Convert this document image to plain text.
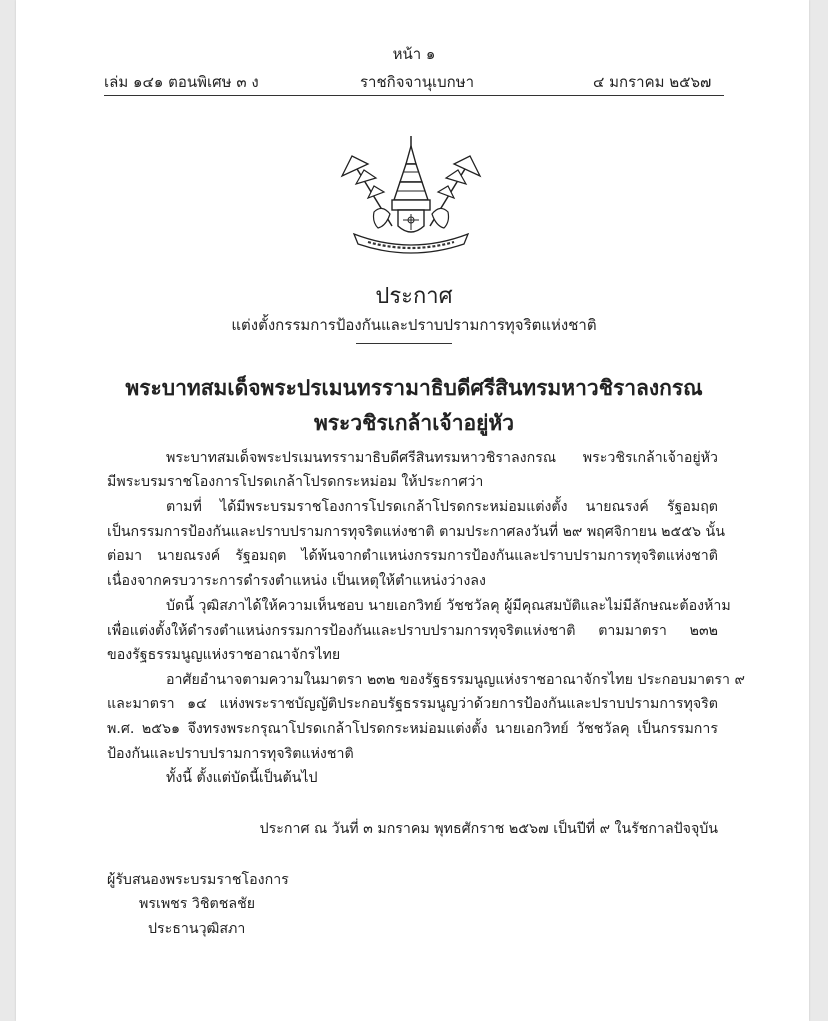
หน้า ๑
เล่ม ๑๔๑ ตอนพิเศษ ๓ ง	ราชกิจจานุเบกษา	๔ มกราคม ๒๕๖๗
ประกาศ
แต่งตั้งกรรมการป้องกันและปราบปรามการทุจริตแห่งชาติ
พระบาทสมเด็จพระปรเมนทรรามาธิบดีศรีสินทรมหาวชิราลงกรณ
พระวชิรเกล้าเจ้าอยู่หัว
พระบาทสมเด็จพระปรเมนทรรามาธิบดีศรีสินทรมหาวชิราลงกรณ พระวชิรเกล้าเจ้าอยู่หัว
มีพระบรมราชโองการโปรดเกล้าโปรดกระหม่อม ให้ประกาศว่า
ตามที่ ได้มีพระบรมราชโองการโปรดเกล้าโปรดกระหม่อมแต่งตั้ง นายณรงค์ รัฐอมฤต
เป็นกรรมการป้องกันและปราบปรามการทุจริตแห่งชาติ ตามประกาศลงวันที่ ๒๙ พฤศจิกายน ๒๕๕๖ นั้น
ต่อมา นายณรงค์ รัฐอมฤต ได้พ้นจากตำแหน่งกรรมการป้องกันและปราบปรามการทุจริตแห่งชาติ
เนื่องจากครบวาระการดำรงตำแหน่ง เป็นเหตุให้ตำแหน่งว่างลง
บัดนี้ วุฒิสภาได้ให้ความเห็นชอบ นายเอกวิทย์ วัชชวัลคุ ผู้มีคุณสมบัติและไม่มีลักษณะต้องห้าม
เพื่อแต่งตั้งให้ดำรงตำแหน่งกรรมการป้องกันและปราบปรามการทุจริตแห่งชาติ ตามมาตรา ๒๓๒
ของรัฐธรรมนูญแห่งราชอาณาจักรไทย
อาศัยอำนาจตามความในมาตรา ๒๓๒ ของรัฐธรรมนูญแห่งราชอาณาจักรไทย ประกอบมาตรา ๙
และมาตรา ๑๔ แห่งพระราชบัญญัติประกอบรัฐธรรมนูญว่าด้วยการป้องกันและปราบปรามการทุจริต
พ.ศ. ๒๕๖๑ จึงทรงพระกรุณาโปรดเกล้าโปรดกระหม่อมแต่งตั้ง นายเอกวิทย์ วัชชวัลคุ เป็นกรรมการ
ป้องกันและปราบปรามการทุจริตแห่งชาติ
ทั้งนี้ ตั้งแต่บัดนี้เป็นต้นไป
ประกาศ ณ วันที่ ๓ มกราคม พุทธศักราช ๒๕๖๗ เป็นปีที่ ๙ ในรัชกาลปัจจุบัน
ผู้รับสนองพระบรมราชโองการ
พรเพชร วิชิตชลชัย
ประธานวุฒิสภา
